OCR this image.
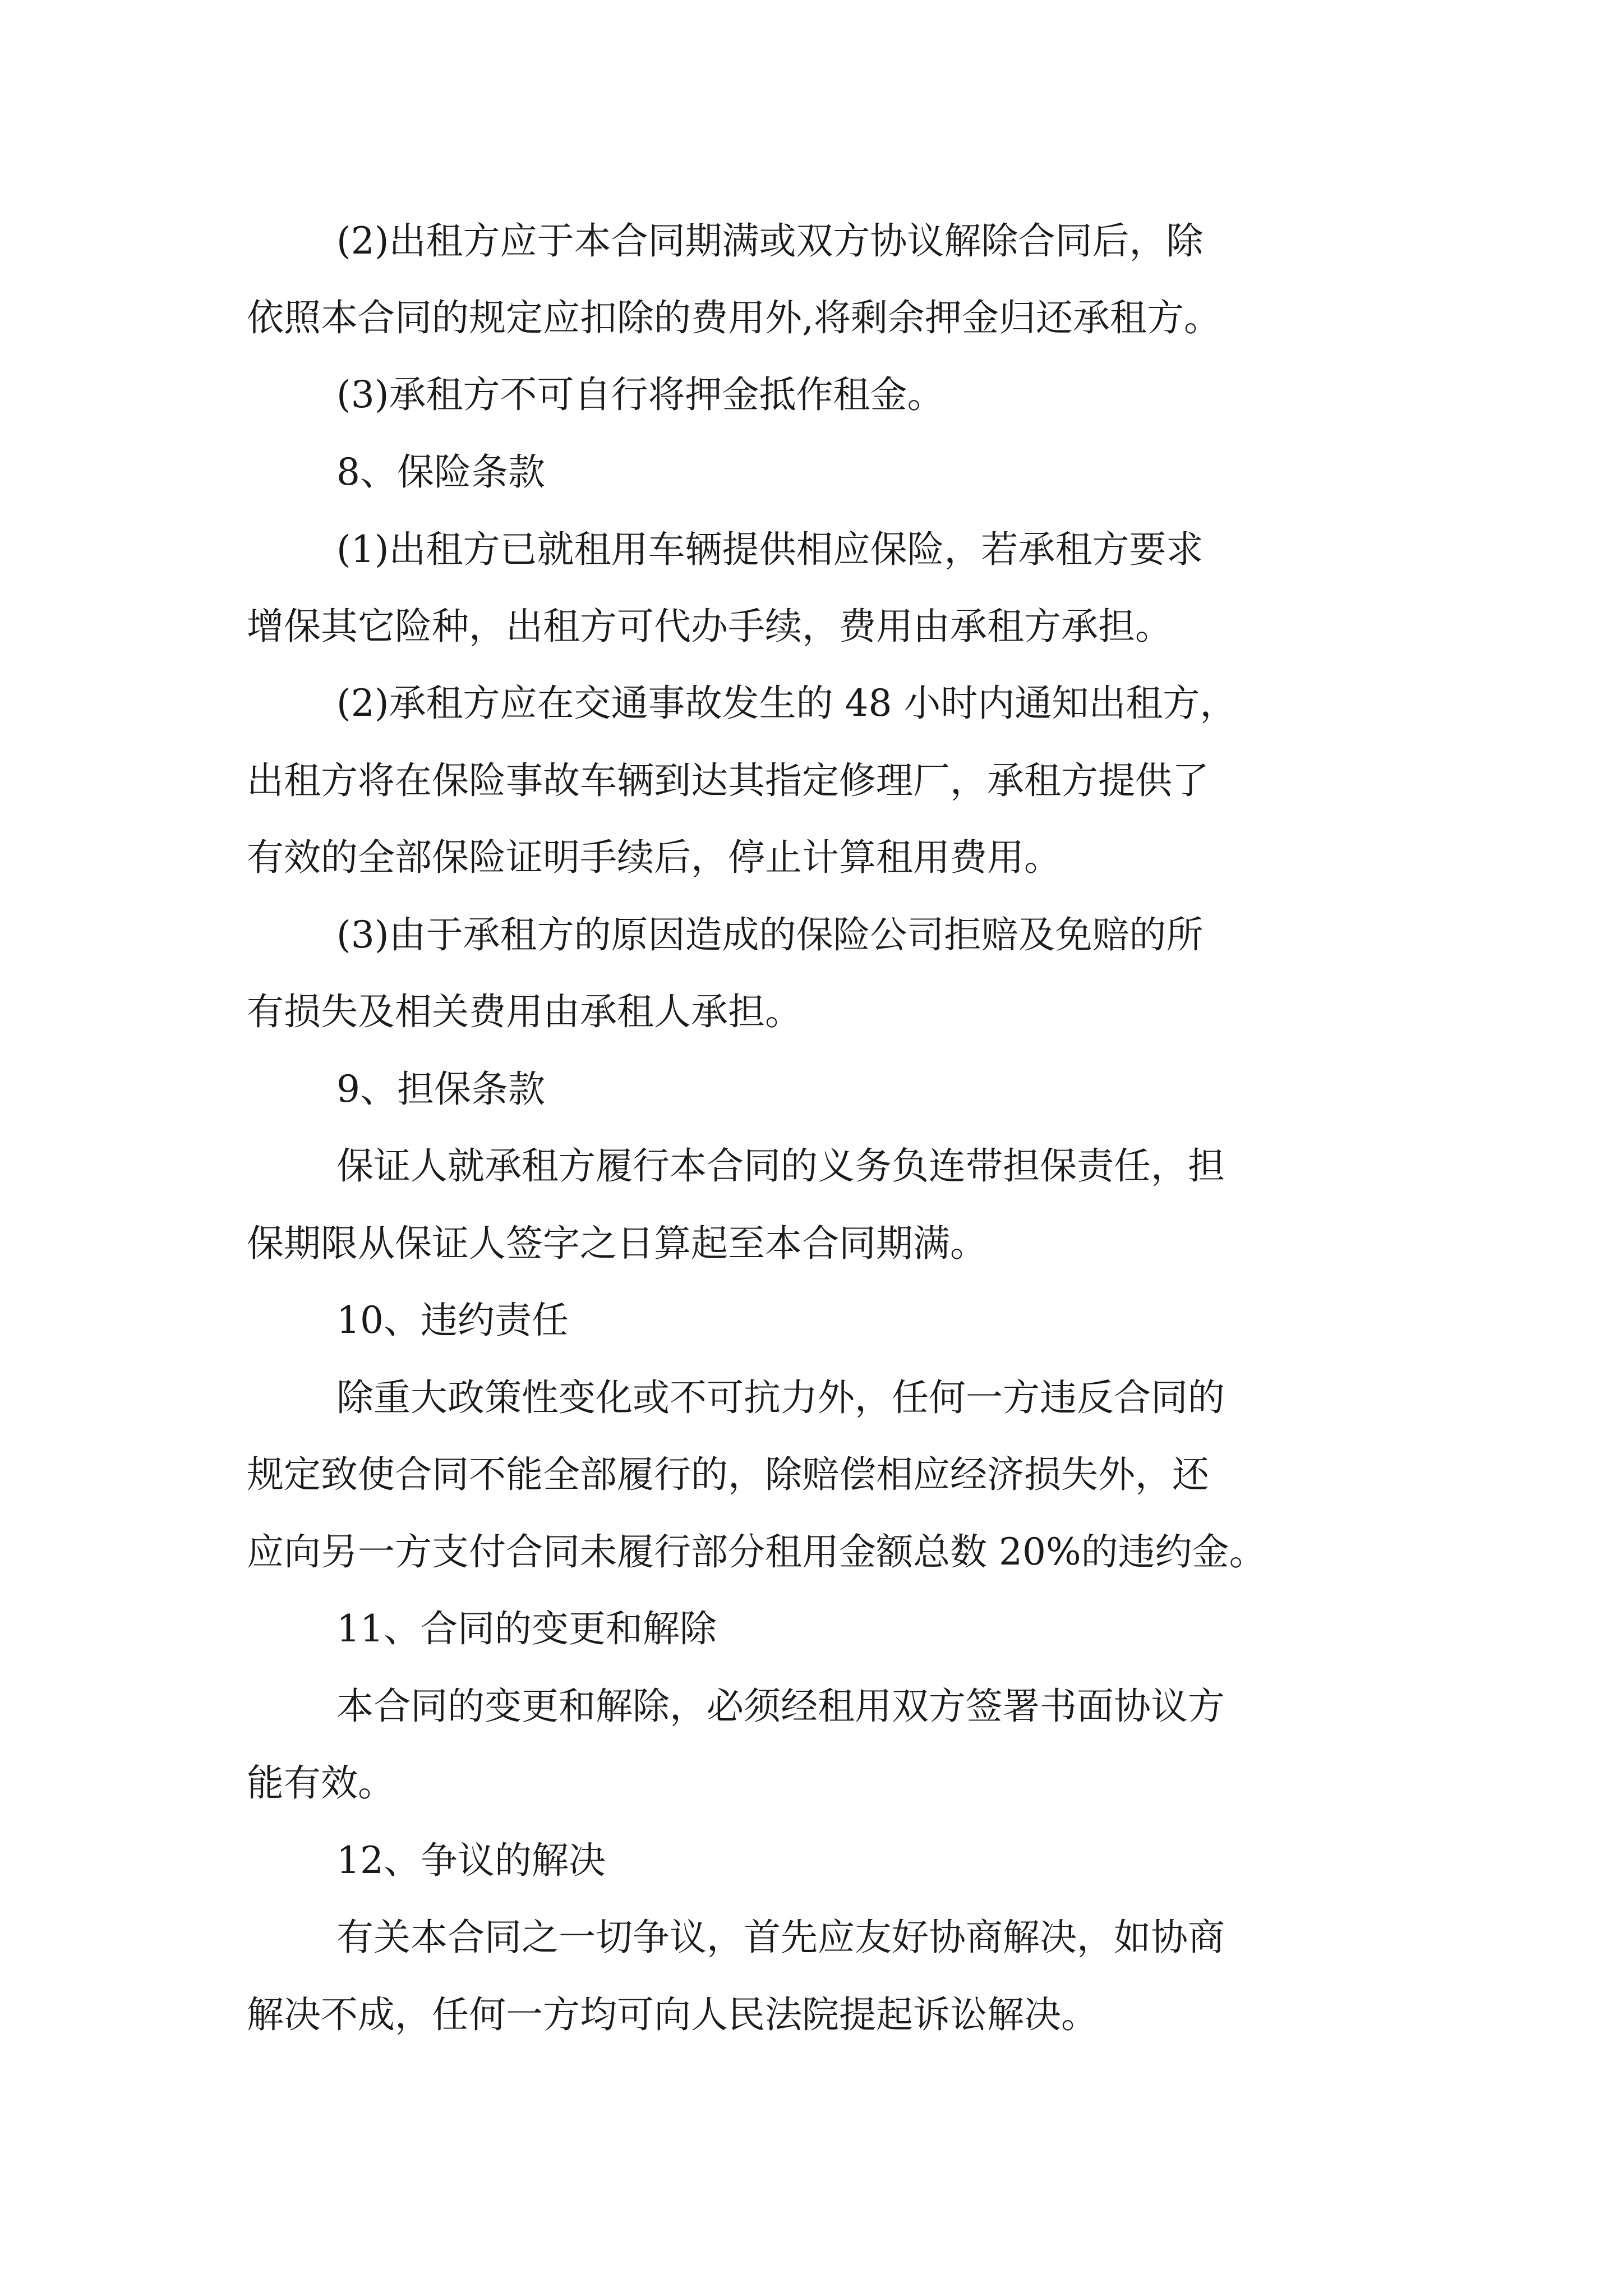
(2)出租方应于本合同期满或双方协议解除合同后，除
依照本合同的规定应扣除的费用外,将剩余押金归还承租方。
(3)承租方不可自行将押金抵作租金。
8、保险条款
(1)出租方已就租用车辆提供相应保险，若承租方要求
增保其它险种，出租方可代办手续，费用由承租方承担。
(2)承租方应在交通事故发生的 48 小时内通知出租方，
出租方将在保险事故车辆到达其指定修理厂，承租方提供了
有效的全部保险证明手续后，停止计算租用费用。
(3)由于承租方的原因造成的保险公司拒赔及免赔的所
有损失及相关费用由承租人承担。
9、担保条款
保证人就承租方履行本合同的义务负连带担保责任，担
保期限从保证人签字之日算起至本合同期满。
10、违约责任
除重大政策性变化或不可抗力外，任何一方违反合同的
规定致使合同不能全部履行的，除赔偿相应经济损失外，还
应向另一方支付合同未履行部分租用金额总数 20%的违约金。
11、合同的变更和解除
本合同的变更和解除，必须经租用双方签署书面协议方
能有效。
12、争议的解决
有关本合同之一切争议，首先应友好协商解决，如协商
解决不成，任何一方均可向人民法院提起诉讼解决。
